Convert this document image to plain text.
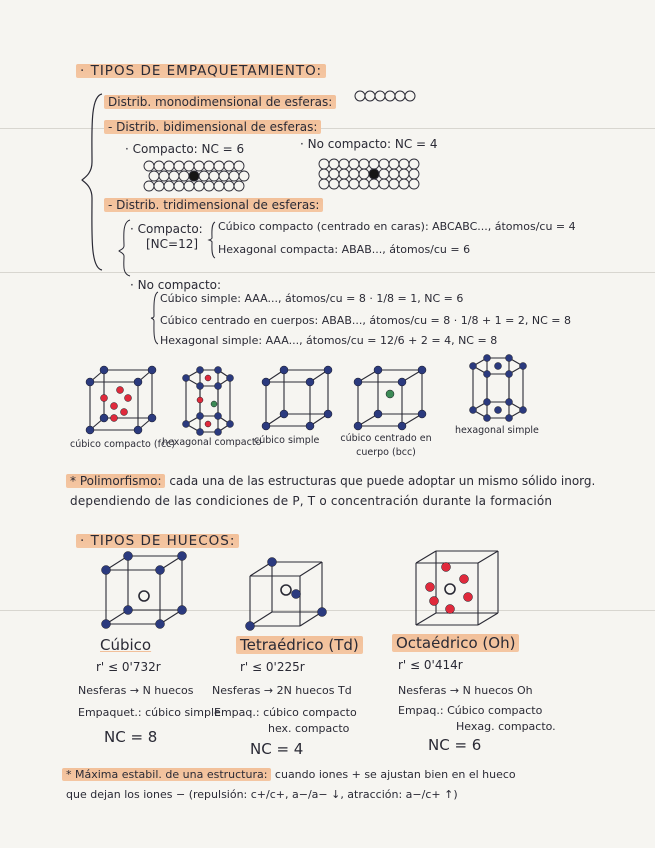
· TIPOS DE EMPAQUETAMIENTO:
Distrib. monodimensional de esferas:
- Distrib. bidimensional de esferas:
· Compacto: NC = 6	· No compacto: NC = 4
- Distrib. tridimensional de esferas:
· Compacto:
[NC=12]
Cúbico compacto (centrado en caras): ABCABC..., átomos/cu = 4
Hexagonal compacta: ABAB..., átomos/cu = 6
· No compacto:
Cúbico simple: AAA..., átomos/cu = 8 · 1/8 = 1, NC = 6
Cúbico centrado en cuerpos: ABAB..., átomos/cu = 8 · 1/8 + 1 = 2, NC = 8
Hexagonal simple: AAA..., átomos/cu = 12/6 + 2 = 4, NC = 8
cúbico compacto (fcc)
hexagonal compacto
cúbico simple	cúbico centrado en cuerpo (bcc)
hexagonal simple
* Polimorfismo: cada una de las estructuras que puede adoptar un mismo sólido inorg.
dependiendo de las condiciones de P, T o concentración durante la formación
· TIPOS DE HUECOS:
Cúbico
r' ≤ 0'732r
Nesferas → N huecos
Empaquet.: cúbico simple
NC = 8
Tetraédrico (Td)
r' ≤ 0'225r
Nesferas → 2N huecos Td
Empaq.: cúbico compacto
hex. compacto
NC = 4
Octaédrico (Oh)
r' ≤ 0'414r
Nesferas → N huecos Oh
Empaq.: Cúbico compacto
Hexag. compacto.
NC = 6
* Máxima estabil. de una estructura: cuando iones + se ajustan bien en el hueco
que dejan los iones − (repulsión: c+/c+, a−/a− ↓, atracción: a−/c+ ↑)
